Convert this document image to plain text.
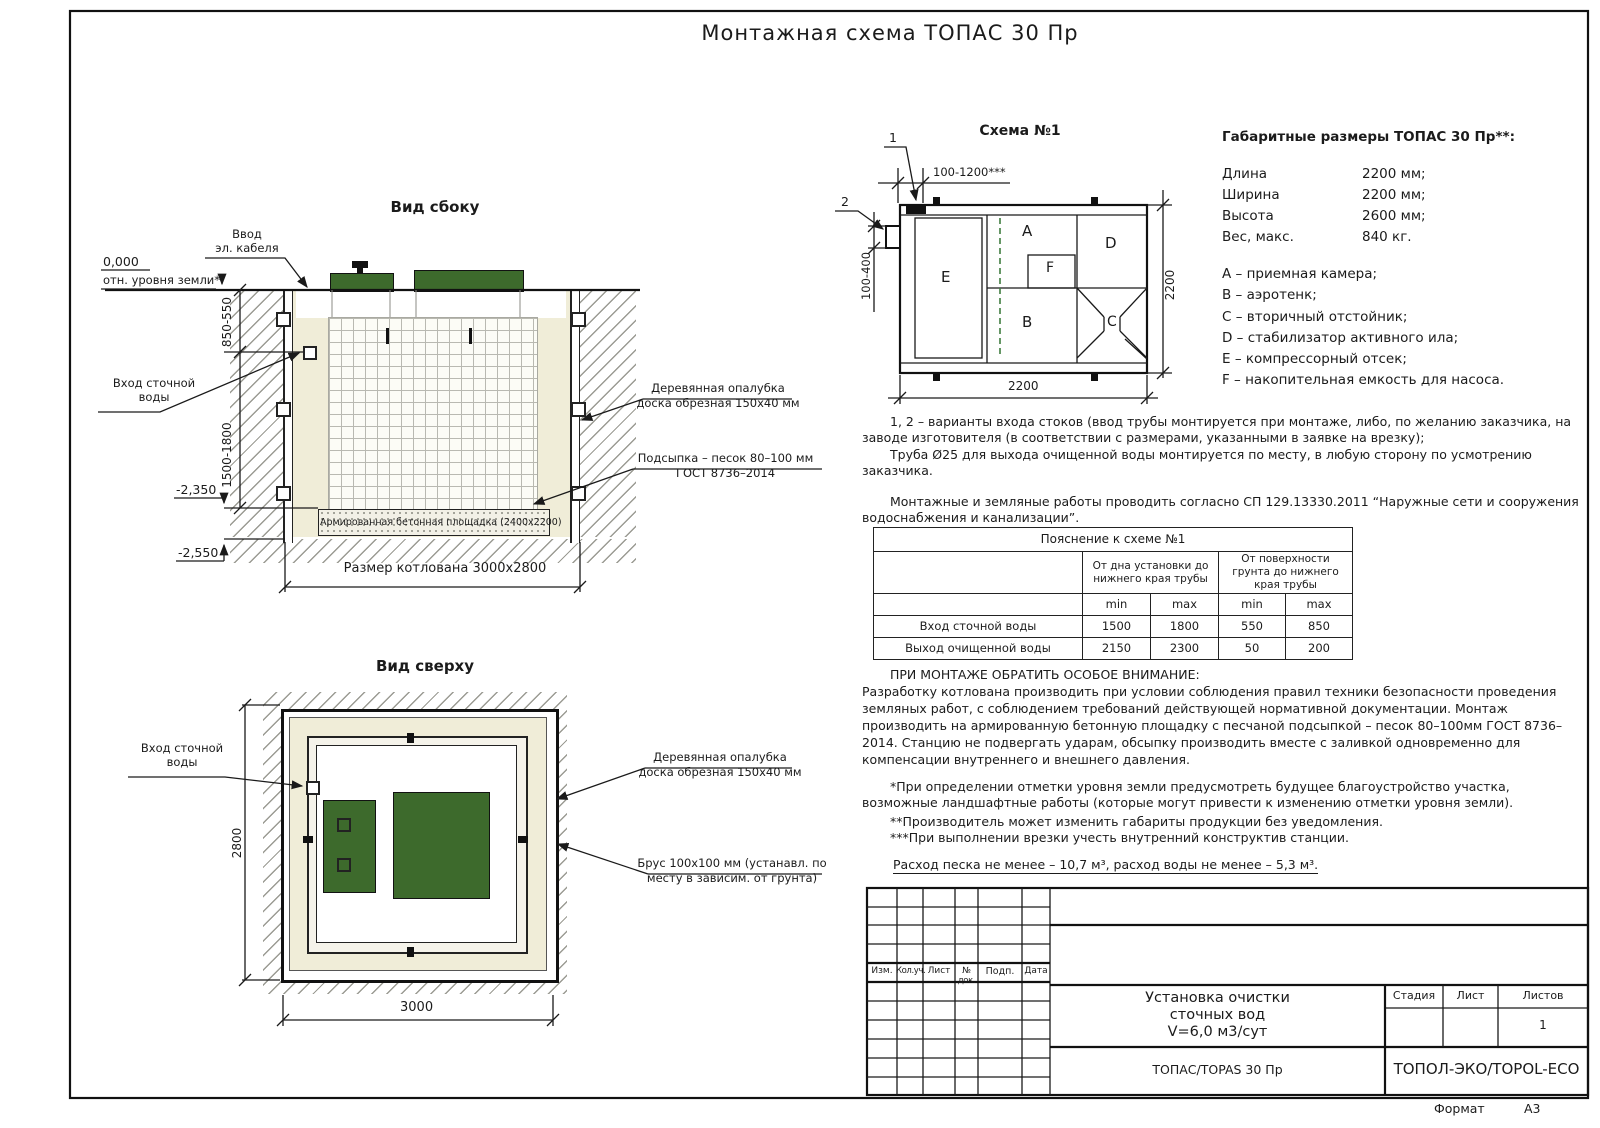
Монтажная схема ТОПАС 30 Пр
Вид сбоку
Ввод
эл. кабеля
0,000
отн. уровня земли*
850-550
1500-1800
Вход сточной
воды
-2,350
-2,550
Деревянная опалубка
доска обрезная 150х40 мм
Подсыпка – песок 80–100 мм
ГОСТ 8736–2014
Армированная бетонная площадка (2400х2200)
Размер котлована 3000х2800
Вид сверху
Вход сточной
воды
2800
3000
Деревянная опалубка
доска обрезная 150х40 мм
Брус 100х100 мм (устанавл. по
месту в зависим. от грунта)
Схема №1
1
2
100-1200***
100-400	2200
2200
E
A
F
B
D
C
Габаритные размеры ТОПАС 30 Пр**:
Длина	2200 мм;
Ширина	2200 мм;
Высота	2600 мм;
Вес, макс.	840 кг.
A – приемная камера;
B – аэротенк;
C – вторичный отстойник;
D – стабилизатор активного ила;
E – компрессорный отсек;
F – накопительная емкость для насоса.
1, 2 – варианты входа стоков (ввод трубы монтируется при монтаже, либо, по желанию заказчика, на заводе изготовителя (в соответствии с размерами, указанными в заявке на врезку);
Труба Ø25 для выхода очищенной воды монтируется по месту, в любую сторону по усмотрению заказчика.
Монтажные и земляные работы проводить согласно СП 129.13330.2011 “Наружные сети и сооружения водоснабжения и канализации”.
Пояснение к схеме №1				
	От дна установки до нижнего края трубы		От поверхности грунта до нижнего края трубы	
	min	max	min	max
Вход сточной воды	1500	1800	550	850
Выход очищенной воды	2150	2300	50	200
ПРИ МОНТАЖЕ ОБРАТИТЬ ОСОБОЕ ВНИМАНИЕ:
Разработку котлована производить при условии соблюдения правил техники безопасности проведения земляных работ, с соблюдением требований действующей нормативной документации. Монтаж производить на армированную бетонную площадку с песчаной подсыпкой – песок 80–100мм ГОСТ 8736–2014. Станцию не подвергать ударам, обсыпку производить вместе с заливкой одновременно для компенсации внутреннего и внешнего давления.
*При определении отметки уровня земли предусмотреть будущее благоустройство участка, возможные ландшафтные работы (которые могут привести к изменению отметки уровня земли).
**Производитель может изменить габариты продукции без уведомления.
***При выполнении врезки учесть внутренний конструктив станции.
Расход песка не менее – 10,7 м³, расход воды не менее – 5,3 м³.
Изм. Кол.уч. Лист	№ док.
Подп.	Дата
Установка очистки
сточных вод
V=6,0 м3/сут
Стадия	Лист	Листов
1
ТОПАС/TOPAS 30 Пр	ТОПОЛ-ЭКО/TOPOL-ECO
Формат	А3
